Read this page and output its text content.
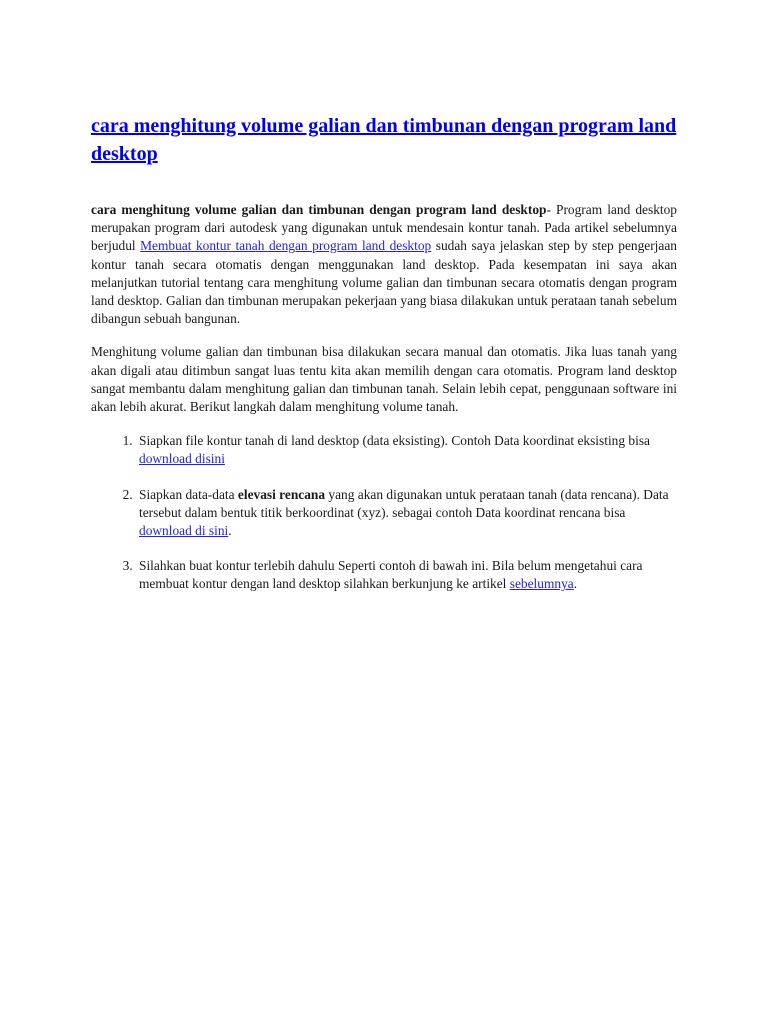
cara menghitung volume galian dan timbunan dengan program land desktop

cara menghitung volume galian dan timbunan dengan program land desktop- Program land desktop merupakan program dari autodesk yang digunakan untuk mendesain kontur tanah. Pada artikel sebelumnya berjudul Membuat kontur tanah dengan program land desktop sudah saya jelaskan step by step pengerjaan kontur tanah secara otomatis dengan menggunakan land desktop. Pada kesempatan ini saya akan melanjutkan tutorial tentang cara menghitung volume galian dan timbunan secara otomatis dengan program land desktop. Galian dan timbunan merupakan pekerjaan yang biasa dilakukan untuk perataan tanah sebelum dibangun sebuah bangunan.

Menghitung volume galian dan timbunan bisa dilakukan secara manual dan otomatis. Jika luas tanah yang akan digali atau ditimbun sangat luas tentu kita akan memilih dengan cara otomatis. Program land desktop sangat membantu dalam menghitung galian dan timbunan tanah. Selain lebih cepat, penggunaan software ini akan lebih akurat. Berikut langkah dalam menghitung volume tanah.

1. Siapkan file kontur tanah di land desktop (data eksisting). Contoh Data koordinat eksisting bisa download disini
2. Siapkan data-data elevasi rencana yang akan digunakan untuk perataan tanah (data rencana). Data tersebut dalam bentuk titik berkoordinat (xyz). sebagai contoh Data koordinat rencana bisa download di sini.
3. Silahkan buat kontur terlebih dahulu Seperti contoh di bawah ini. Bila belum mengetahui cara membuat kontur dengan land desktop silahkan berkunjung ke artikel sebelumnya.
